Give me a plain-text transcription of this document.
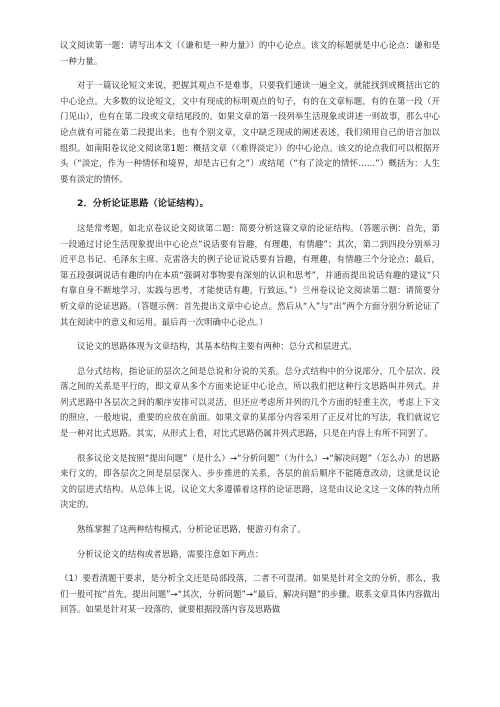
议文阅读第一题：请写出本文（《谦和是一种力量》）的中心论点。该文的标题就是中心论点：谦和是一种力量。

对于一篇议论短文来说，把握其观点不是难事，只要我们通读一遍全文，就能找到或概括出它的中心论点。大多数的议论短文，文中有现成的标明观点的句子，有的在文章标题，有的在第一段（开门见山），也有在第二段或文章结尾段的。如果文章的第一段列举生活现象或讲述一则故事，那么中心论点就有可能在第二段提出来。也有个别文章，文中缺乏现成的阐述表述，我们须用自己的语言加以组织。如南阳卷议论文阅读第1题：概括文章（《难得淡定》）的中心论点。该文的论点我们可以根据开头（“淡定，作为一种情怀和境界，却是古已有之”）或结尾（“有了淡定的情怀……”）概括为：人生要有淡定的情怀。

2．分析论证思路（论证结构）。

这是常考题，如北京卷议论文阅读第二题：简要分析这篇文章的论证结构。（答题示例：首先，第一段通过讨论生活现象提出中心论点“说话要有旨趣，有理趣，有情趣”；其次，第二到四段分别举习近平总书记、毛泽东主席、克雷洛夫的例子论证说话要有旨趣，有理趣，有情趣三个分论点；最后，第五段强调说话有趣的内在本质“强调对事物要有深刻的认识和思考”，并通而提出说话有趣的建议“只有靠自身不断地学习、实践与思考，才能使话有趣，行致远。”）兰州卷议论文阅读第二题：请简要分析文章的论证思路。（答题示例：首先提出文章中心论点。然后从“入”与“出”两个方面分别分析论证了其在阅读中的意义和运用。最后再一次明确中心论点。）

议论文的思路体现为文章结构，其基本结构主要有两种：总分式和层进式。

总分式结构，指论证的层次之间是总说和分说的关系。总分式结构中的分说部分，几个层次、段落之间的关系是平行的，即文章从多个方面来论证中心论点，所以我们把这种行文思路叫并列式。并列式思路中各层次之间的顺序安排可以灵活，但还应考虑所并列的几个方面的轻重主次，考虑上下文的照应，一般地说，重要的应放在前面。如果文章的某部分内容采用了正反对比的写法，我们就说它是一种对比式思路。其实，从形式上看，对比式思路仍属并列式思路，只是在内容上有所不同罢了。

很多议论文是按照“提出问题”（是什么）→“分析问题”（为什么）→“解决问题”（怎么办）的思路来行文的，即各层次之间是层层深入、步步推进的关系，各层的前后顺序不能随意改动，这就是议论文的层进式结构。从总体上说，议论文大多遵循着这样的论证思路，这是由议论文这一文体的特点所决定的。

熟练掌握了这两种结构模式，分析论证思路，便游刃有余了。

分析议论文的结构或者思路，需要注意如下两点：

（1）要看清题干要求，是分析全文还是局部段落，二者不可混淆。如果是针对全文的分析，那么，我们一般可按“首先，提出问题”→“其次，分析问题”→“最后，解决问题”的步骤。联系文章具体内容做出回答。如果是针对某一段落的，就要根据段落内容及思路做
